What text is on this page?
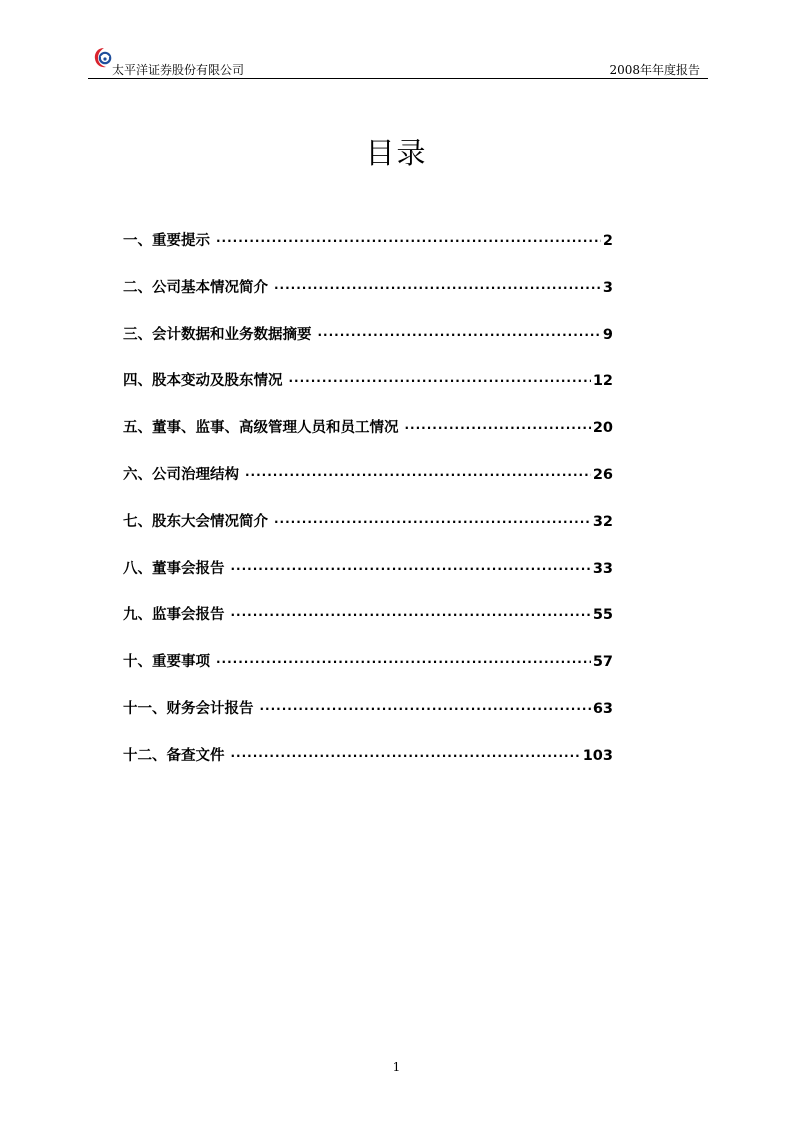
太平洋证券股份有限公司	2008年年度报告
目录
一、重要提示 ·····	2
二、公司基本情况简介 ·····	3
三、会计数据和业务数据摘要 ·····	9
四、股本变动及股东情况 ·····	12
五、董事、监事、高级管理人员和员工情况 ·····	20
六、公司治理结构 ·····	26
七、股东大会情况简介 ·····	32
八、董事会报告 ·····	33
九、监事会报告 ·····	55
十、重要事项 ·····	57
十一、财务会计报告 ·····	63
十二、备查文件 ·····	103
1
